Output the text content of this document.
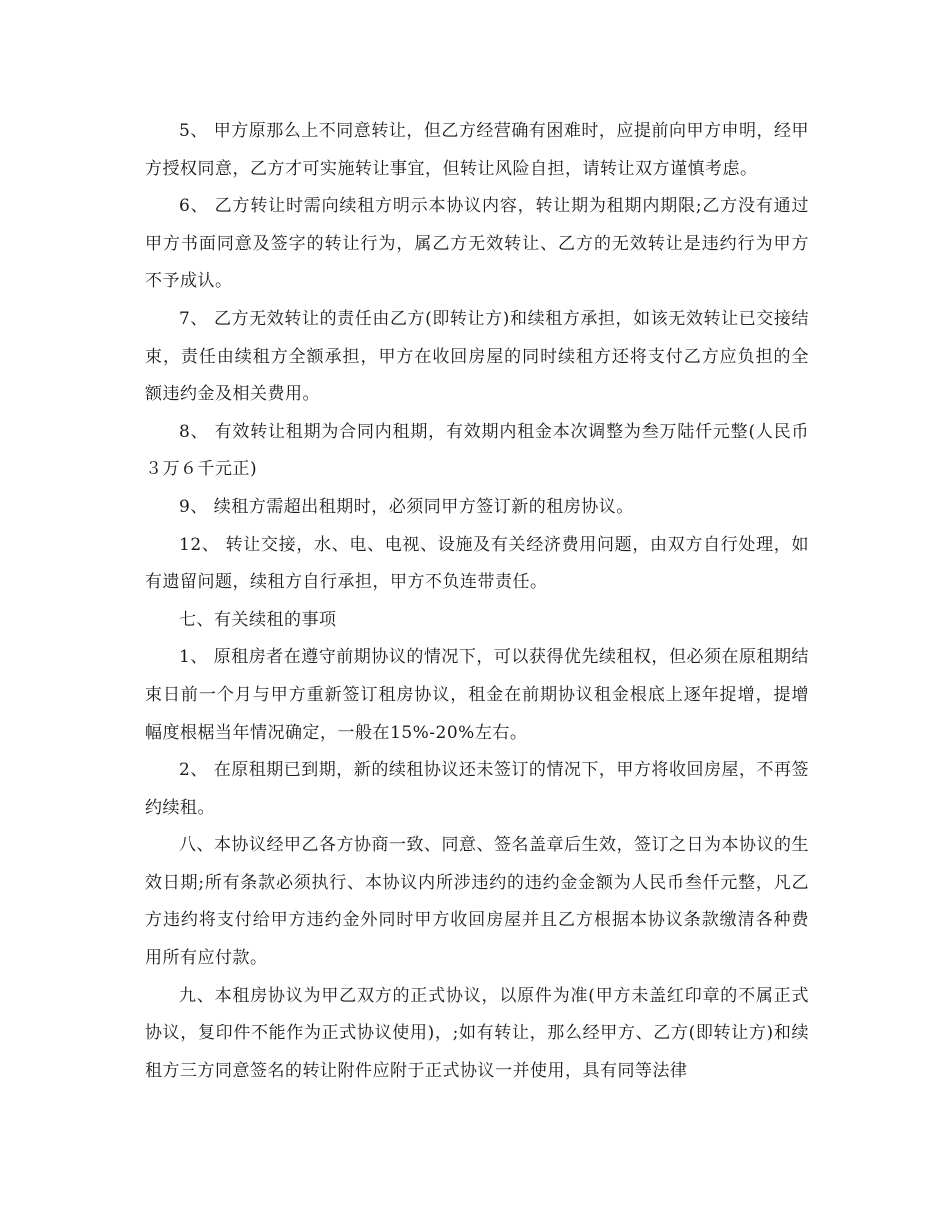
5、 甲方原那么上不同意转让，但乙方经营确有困难时，应提前向甲方申明，经甲方授权同意，乙方才可实施转让事宜，但转让风险自担，请转让双方谨慎考虑。

6、 乙方转让时需向续租方明示本协议内容，转让期为租期内期限;乙方没有通过甲方书面同意及签字的转让行为，属乙方无效转让、乙方的无效转让是违约行为甲方不予成认。

7、 乙方无效转让的责任由乙方(即转让方)和续租方承担，如该无效转让已交接结束，责任由续租方全额承担，甲方在收回房屋的同时续租方还将支付乙方应负担的全额违约金及相关费用。

8、 有效转让租期为合同内租期，有效期内租金本次调整为叁万陆仟元整(人民币３万６千元正)

9、 续租方需超出租期时，必须同甲方签订新的租房协议。

12、 转让交接，水、电、电视、设施及有关经济费用问题，由双方自行处理，如有遗留问题，续租方自行承担，甲方不负连带责任。

七、有关续租的事项

1、 原租房者在遵守前期协议的情况下，可以获得优先续租权，但必须在原租期结束日前一个月与甲方重新签订租房协议，租金在前期协议租金根底上逐年捉增，提增幅度根椐当年情况确定，一般在15%-20%左右。

2、 在原租期已到期，新的续租协议还未签订的情况下，甲方将收回房屋，不再签约续租。

八、本协议经甲乙各方协商一致、同意、签名盖章后生效，签订之日为本协议的生效日期;所有条款必须执行、本协议内所涉违约的违约金金额为人民币叁仟元整，凡乙方违约将支付给甲方违约金外同时甲方收回房屋并且乙方根据本协议条款缴清各种费用所有应付款。

九、本租房协议为甲乙双方的正式协议，以原件为准(甲方未盖红印章的不属正式协议，复印件不能作为正式协议使用)，;如有转让，那么经甲方、乙方(即转让方)和续租方三方同意签名的转让附件应附于正式协议一并使用，具有同等法律
